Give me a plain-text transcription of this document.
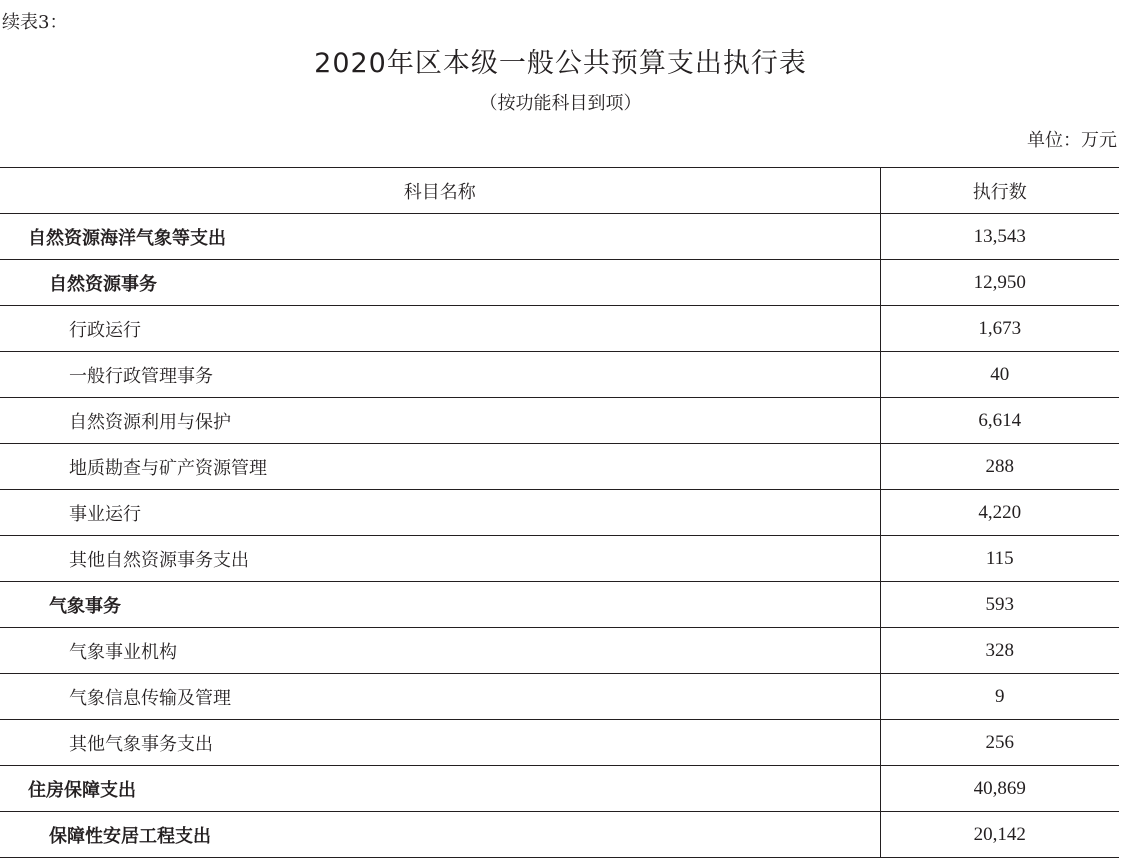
续表3：
2020年区本级一般公共预算支出执行表
（按功能科目到项）
单位：万元
科目名称	执行数
自然资源海洋气象等支出	13,543
自然资源事务	12,950
行政运行	1,673
一般行政管理事务	40
自然资源利用与保护	6,614
地质勘查与矿产资源管理	288
事业运行	4,220
其他自然资源事务支出	115
气象事务	593
气象事业机构	328
气象信息传输及管理	9
其他气象事务支出	256
住房保障支出	40,869
保障性安居工程支出	20,142
